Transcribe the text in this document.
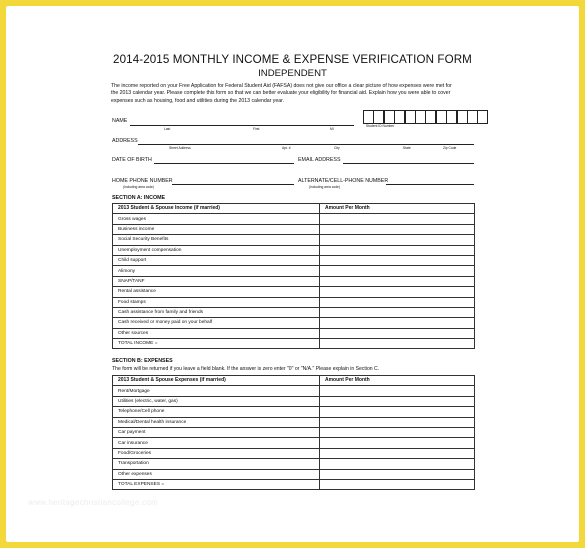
2014-2015 MONTHLY INCOME & EXPENSE VERIFICATION FORM
INDEPENDENT
The income reported on your Free Application for Federal Student Aid (FAFSA) does not give our office a clear picture of how expenses were met for
the 2013 calendar year. Please complete this form so that we can better evaluate your eligibility for financial aid. Explain how you were able to cover
expenses such as housing, food and utilities during the 2013 calendar year.
NAME
Last	First	MI
Student ID Number
ADDRESS
Street Address	Apt. #	City	State	Zip Code
DATE OF BIRTH	EMAIL ADDRESS
HOME PHONE NUMBER
(Including area code)
ALTERNATE/CELL-PHONE NUMBER
(Including area code)
SECTION A: INCOME
2013 Student & Spouse Income (if married)	Amount Per Month
Gross wages	
Business income	
Social Security Benefits	
Unemployment compensation	
Child support	
Alimony	
SNAP/TANF	
Rental assistance	
Food stamps	
Cash assistance from family and friends	
Cash received or money paid on your behalf	
Other sources	
TOTAL INCOME =	
SECTION B: EXPENSES
The form will be returned if you leave a field blank. If the answer is zero enter "0" or "N/A." Please explain in Section C.
2013 Student & Spouse Expenses (if married)	Amount Per Month
Rent/Mortgage	
Utilities (electric, water, gas)	
Telephone/Cell phone	
Medical/Dental health insurance	
Car payment	
Car insurance	
Food/Groceries	
Transportation	
Other expenses	
TOTAL EXPENSES =	
www.heritagechristiancollege.com
